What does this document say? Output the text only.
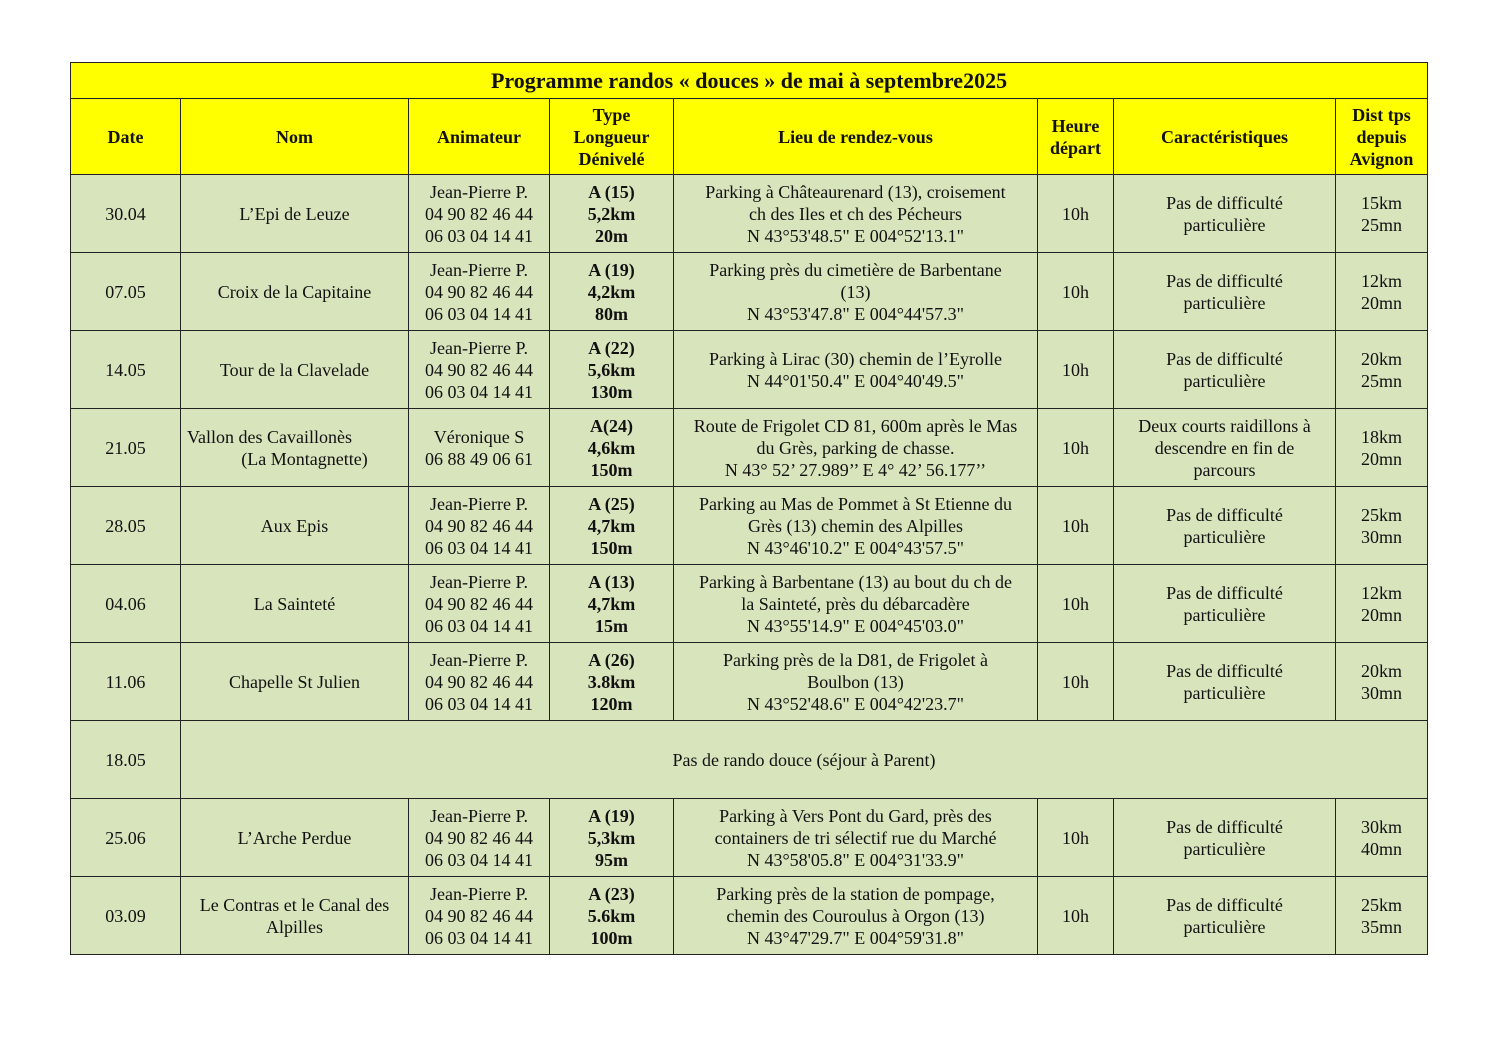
Programme randos « douces » de mai à septembre2025							
Date	Nom	Animateur	Type
Longueur
Dénivelé	Lieu de rendez-vous	Heure
départ	Caractéristiques	Dist tps
depuis
Avignon

30.04	L’Epi de Leuze	Jean-Pierre P.
04 90 82 46 44
06 03 04 14 41	A (15)
5,2km
20m	Parking à Châteaurenard (13), croisement
ch des Iles et ch des Pécheurs
N 43°53'48.5" E 004°52'13.1"	10h	Pas de difficulté
particulière	15km
25mn

07.05	Croix de la Capitaine	Jean-Pierre P.
04 90 82 46 44
06 03 04 14 41	A (19)
4,2km
80m	Parking près du cimetière de Barbentane
(13)
N 43°53'47.8" E 004°44'57.3"	10h	Pas de difficulté
particulière	12km
20mn

14.05	Tour de la Clavelade	Jean-Pierre P.
04 90 82 46 44
06 03 04 14 41	A (22)
5,6km
130m	Parking à Lirac (30) chemin de l’Eyrolle
N 44°01'50.4" E 004°40'49.5"	10h	Pas de difficulté
particulière	20km
25mn

21.05	Vallon des Cavaillonès
(La Montagnette)	Véronique S
06 88 49 06 61	A(24)
4,6km
150m	Route de Frigolet CD 81, 600m après le Mas
du Grès, parking de chasse.
N 43° 52’ 27.989’’ E 4° 42’ 56.177’’	10h	Deux courts raidillons à
descendre en fin de
parcours	18km
20mn

28.05	Aux Epis	Jean-Pierre P.
04 90 82 46 44
06 03 04 14 41	A (25)
4,7km
150m	Parking au Mas de Pommet à St Etienne du
Grès (13) chemin des Alpilles
N 43°46'10.2" E 004°43'57.5"	10h	Pas de difficulté
particulière	25km
30mn

04.06	La Sainteté	Jean-Pierre P.
04 90 82 46 44
06 03 04 14 41	A (13)
4,7km
15m	Parking à Barbentane (13) au bout du ch de
la Sainteté, près du débarcadère
N 43°55'14.9" E 004°45'03.0"	10h	Pas de difficulté
particulière	12km
20mn

11.06	Chapelle St Julien	Jean-Pierre P.
04 90 82 46 44
06 03 04 14 41	A (26)
3.8km
120m	Parking près de la D81, de Frigolet à
Boulbon (13)
N 43°52'48.6" E 004°42'23.7"	10h	Pas de difficulté
particulière	20km
30mn

18.05	Pas de rando douce (séjour à Parent)						
25.06	L’Arche Perdue	Jean-Pierre P.
04 90 82 46 44
06 03 04 14 41	A (19)
5,3km
95m	Parking à Vers Pont du Gard, près des
containers de tri sélectif rue du Marché
N 43°58'05.8" E 004°31'33.9"	10h	Pas de difficulté
particulière	30km
40mn

03.09	Le Contras et le Canal des
Alpilles	Jean-Pierre P.
04 90 82 46 44
06 03 04 14 41	A (23)
5.6km
100m	Parking près de la station de pompage,
chemin des Couroulus à Orgon (13)
N 43°47'29.7" E 004°59'31.8"	10h	Pas de difficulté
particulière	25km
35mn
